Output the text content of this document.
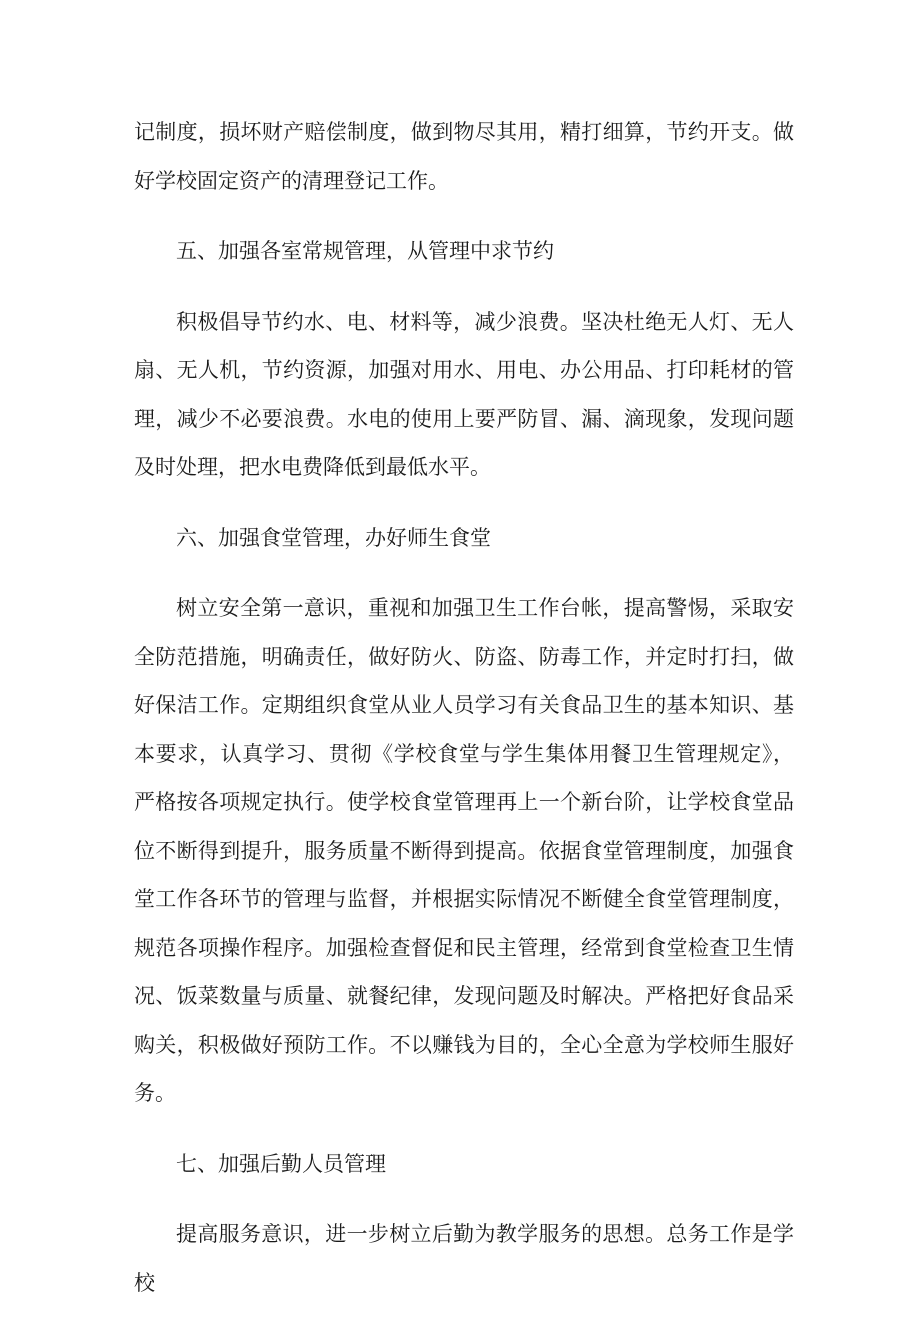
记制度，损坏财产赔偿制度，做到物尽其用，精打细算，节约开支。做好学校固定资产的清理登记工作。

五、加强各室常规管理，从管理中求节约

积极倡导节约水、电、材料等，减少浪费。坚决杜绝无人灯、无人扇、无人机，节约资源，加强对用水、用电、办公用品、打印耗材的管理，减少不必要浪费。水电的使用上要严防冒、漏、滴现象，发现问题及时处理，把水电费降低到最低水平。

六、加强食堂管理，办好师生食堂

树立安全第一意识，重视和加强卫生工作台帐，提高警惕，采取安全防范措施，明确责任，做好防火、防盗、防毒工作，并定时打扫，做好保洁工作。定期组织食堂从业人员学习有关食品卫生的基本知识、基本要求，认真学习、贯彻《学校食堂与学生集体用餐卫生管理规定》，严格按各项规定执行。使学校食堂管理再上一个新台阶，让学校食堂品位不断得到提升，服务质量不断得到提高。依据食堂管理制度，加强食堂工作各环节的管理与监督，并根据实际情况不断健全食堂管理制度，规范各项操作程序。加强检查督促和民主管理，经常到食堂检查卫生情况、饭菜数量与质量、就餐纪律，发现问题及时解决。严格把好食品采购关，积极做好预防工作。不以赚钱为目的，全心全意为学校师生服好务。

七、加强后勤人员管理

提高服务意识，进一步树立后勤为教学服务的思想。总务工作是学校
